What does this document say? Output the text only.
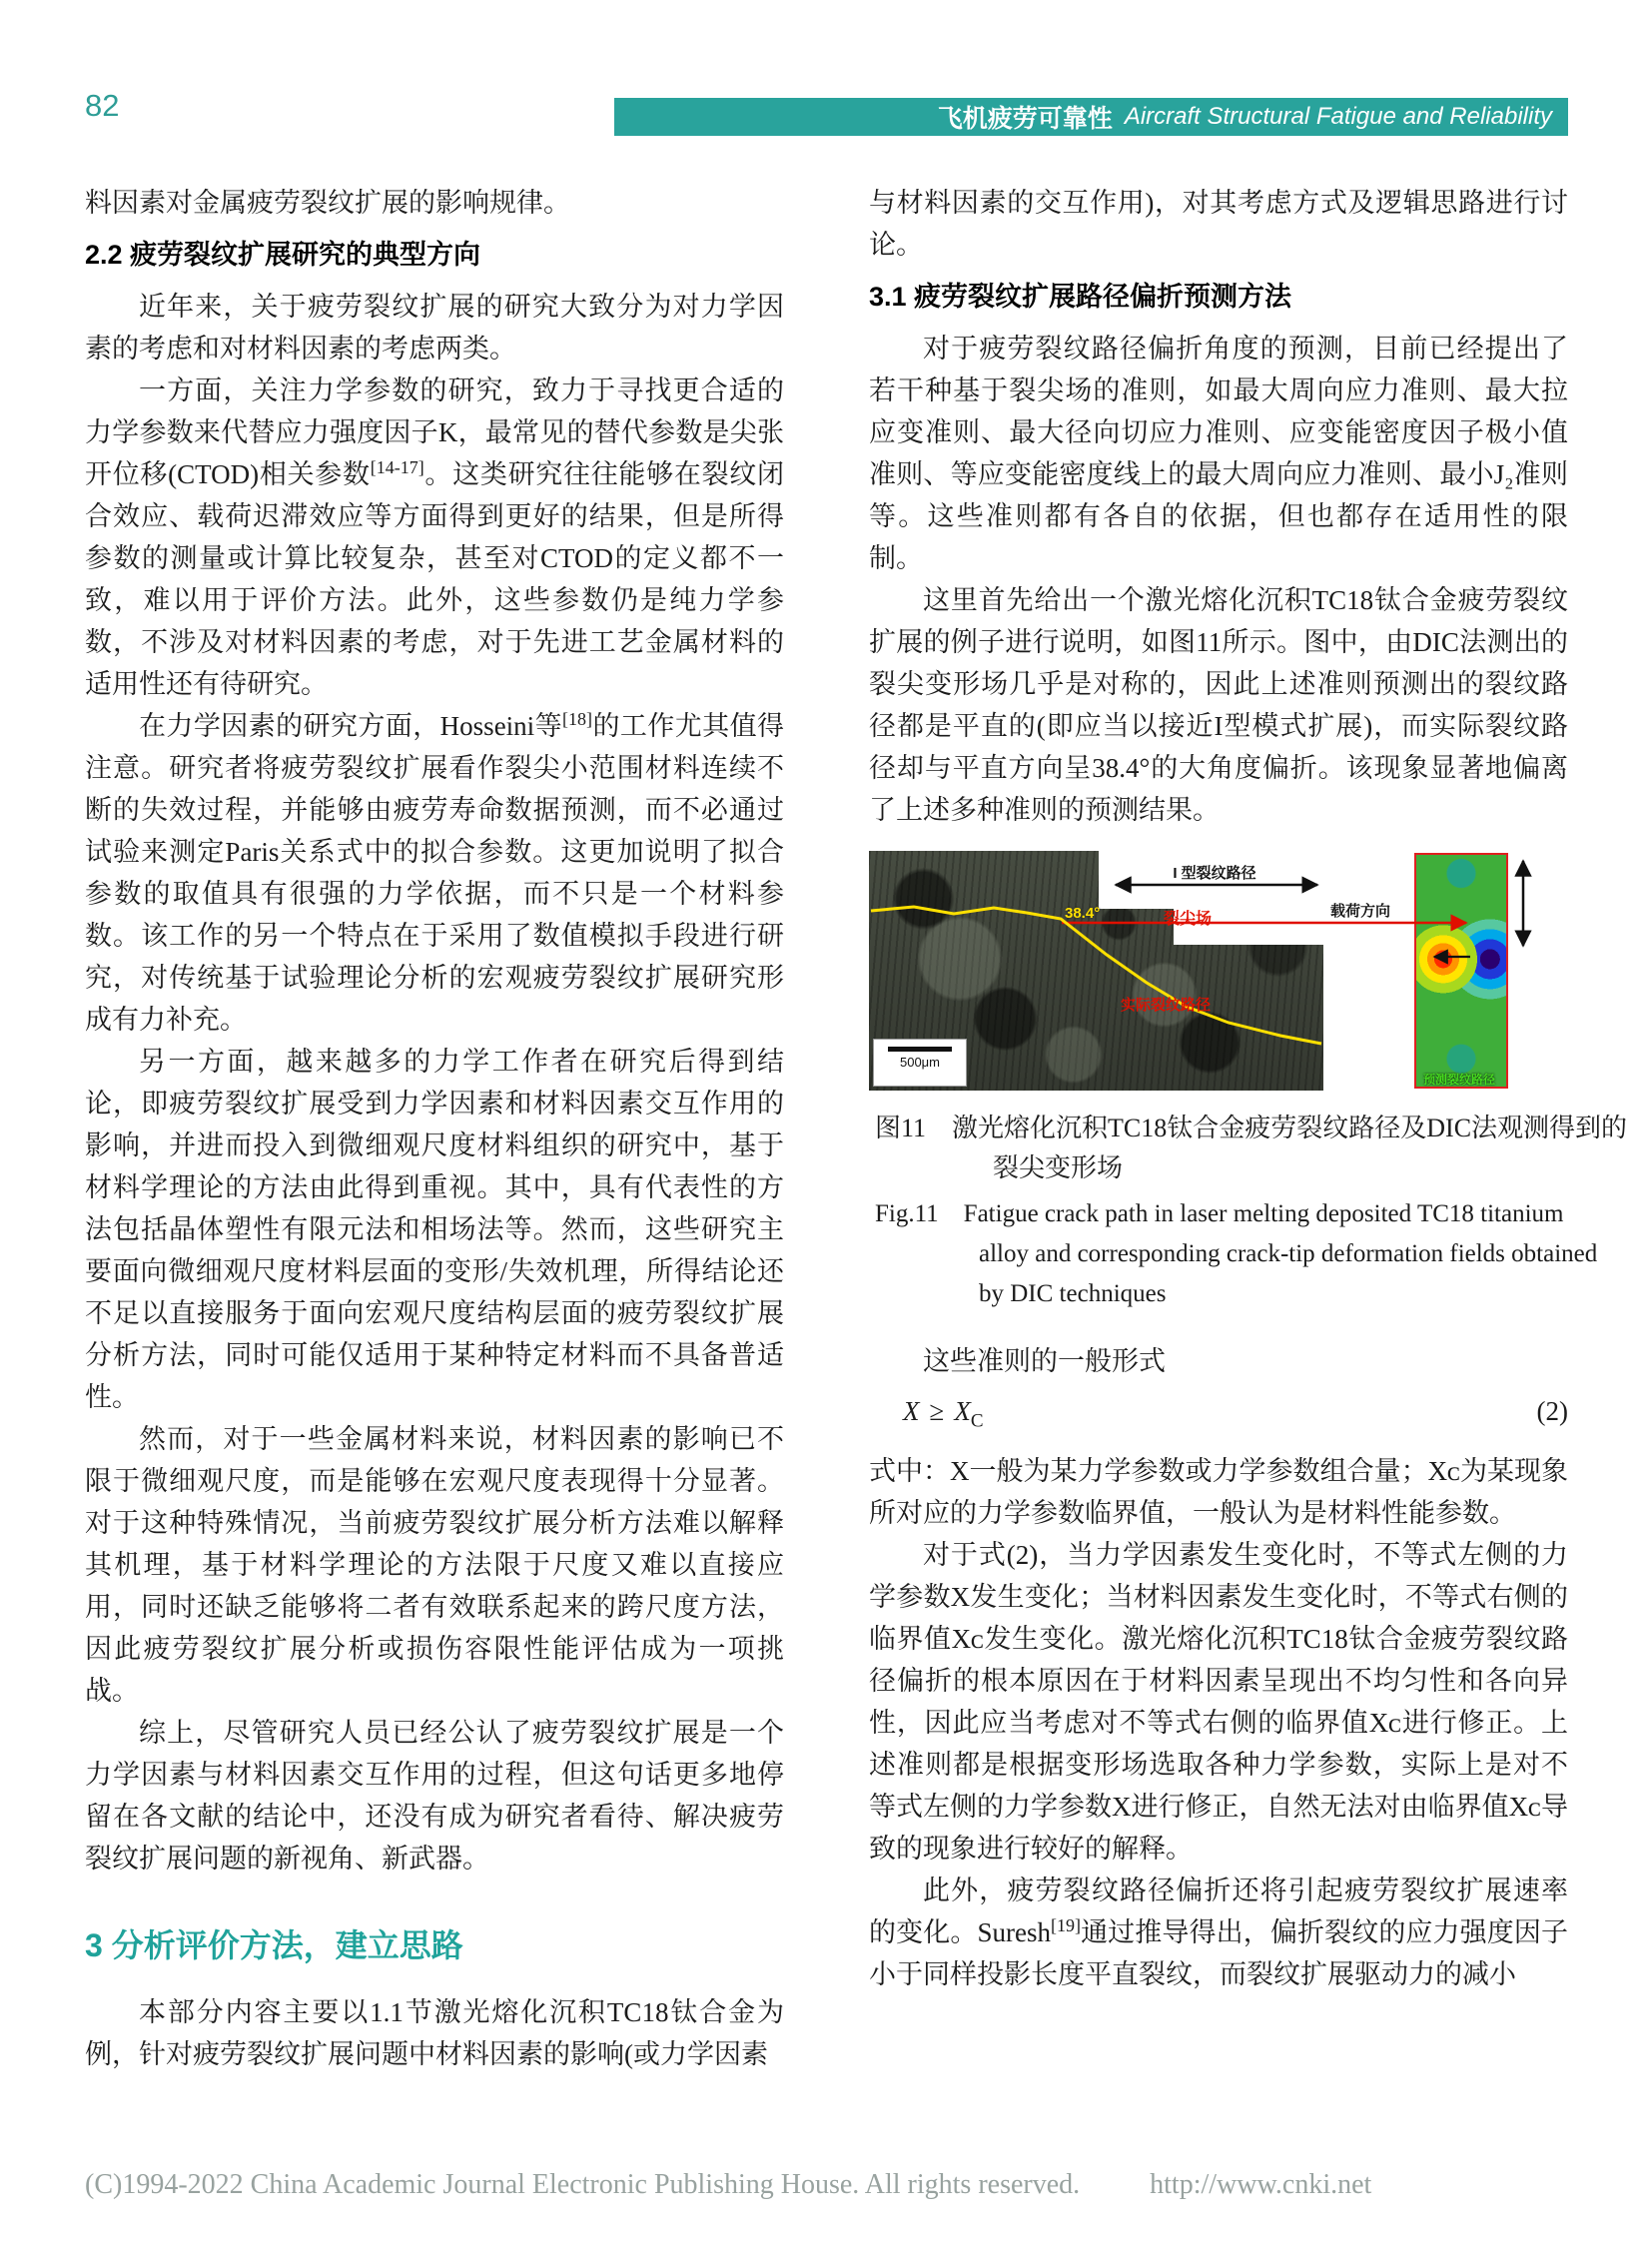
82	飞机疲劳可靠性 Aircraft Structural Fatigue and Reliability

料因素对金属疲劳裂纹扩展的影响规律。

2.2 疲劳裂纹扩展研究的典型方向

近年来，关于疲劳裂纹扩展的研究大致分为对力学因素的考虑和对材料因素的考虑两类。

一方面，关注力学参数的研究，致力于寻找更合适的力学参数来代替应力强度因子K，最常见的替代参数是尖张开位移(CTOD)相关参数[14-17]。这类研究往往能够在裂纹闭合效应、载荷迟滞效应等方面得到更好的结果，但是所得参数的测量或计算比较复杂，甚至对CTOD的定义都不一致，难以用于评价方法。此外，这些参数仍是纯力学参数，不涉及对材料因素的考虑，对于先进工艺金属材料的适用性还有待研究。

在力学因素的研究方面，Hosseini等[18]的工作尤其值得注意。研究者将疲劳裂纹扩展看作裂尖小范围材料连续不断的失效过程，并能够由疲劳寿命数据预测，而不必通过试验来测定Paris关系式中的拟合参数。这更加说明了拟合参数的取值具有很强的力学依据，而不只是一个材料参数。该工作的另一个特点在于采用了数值模拟手段进行研究，对传统基于试验理论分析的宏观疲劳裂纹扩展研究形成有力补充。

另一方面，越来越多的力学工作者在研究后得到结论，即疲劳裂纹扩展受到力学因素和材料因素交互作用的影响，并进而投入到微细观尺度材料组织的研究中，基于材料学理论的方法由此得到重视。其中，具有代表性的方法包括晶体塑性有限元法和相场法等。然而，这些研究主要面向微细观尺度材料层面的变形/失效机理，所得结论还不足以直接服务于面向宏观尺度结构层面的疲劳裂纹扩展分析方法，同时可能仅适用于某种特定材料而不具备普适性。

然而，对于一些金属材料来说，材料因素的影响已不限于微细观尺度，而是能够在宏观尺度表现得十分显著。对于这种特殊情况，当前疲劳裂纹扩展分析方法难以解释其机理，基于材料学理论的方法限于尺度又难以直接应用，同时还缺乏能够将二者有效联系起来的跨尺度方法，因此疲劳裂纹扩展分析或损伤容限性能评估成为一项挑战。

综上，尽管研究人员已经公认了疲劳裂纹扩展是一个力学因素与材料因素交互作用的过程，但这句话更多地停留在各文献的结论中，还没有成为研究者看待、解决疲劳裂纹扩展问题的新视角、新武器。

3 分析评价方法，建立思路

本部分内容主要以1.1节激光熔化沉积TC18钛合金为例，针对疲劳裂纹扩展问题中材料因素的影响(或力学因素

与材料因素的交互作用)，对其考虑方式及逻辑思路进行讨论。

3.1 疲劳裂纹扩展路径偏折预测方法

对于疲劳裂纹路径偏折角度的预测，目前已经提出了若干种基于裂尖场的准则，如最大周向应力准则、最大拉应变准则、最大径向切应力准则、应变能密度因子极小值准则、等应变能密度线上的最大周向应力准则、最小J₂准则等。这些准则都有各自的依据，但也都存在适用性的限制。

这里首先给出一个激光熔化沉积TC18钛合金疲劳裂纹扩展的例子进行说明，如图11所示。图中，由DIC法测出的裂尖变形场几乎是对称的，因此上述准则预测出的裂纹路径都是平直的(即应当以接近I型模式扩展)，而实际裂纹路径却与平直方向呈38.4°的大角度偏折。该现象显著地偏离了上述多种准则的预测结果。

I 型裂纹路径
载荷方向
38.4°	裂尖场
实际裂纹路径
预测裂纹路径
500μm
图11　激光熔化沉积TC18钛合金疲劳裂纹路径及DIC法观测得到的裂尖变形场
Fig.11　Fatigue crack path in laser melting deposited TC18 titanium alloy and corresponding crack-tip deformation fields obtained by DIC techniques

这些准则的一般形式

$X \ge X_C$	(2)

式中：X一般为某力学参数或力学参数组合量；Xᴄ为某现象所对应的力学参数临界值，一般认为是材料性能参数。

对于式(2)，当力学因素发生变化时，不等式左侧的力学参数X发生变化；当材料因素发生变化时，不等式右侧的临界值Xᴄ发生变化。激光熔化沉积TC18钛合金疲劳裂纹路径偏折的根本原因在于材料因素呈现出不均匀性和各向异性，因此应当考虑对不等式右侧的临界值Xᴄ进行修正。上述准则都是根据变形场选取各种力学参数，实际上是对不等式左侧的力学参数X进行修正，自然无法对由临界值Xᴄ导致的现象进行较好的解释。

此外，疲劳裂纹路径偏折还将引起疲劳裂纹扩展速率的变化。Suresh[19]通过推导得出，偏折裂纹的应力强度因子小于同样投影长度平直裂纹，而裂纹扩展驱动力的减小

(C)1994-2022 China Academic Journal Electronic Publishing House. All rights reserved.	http://www.cnki.net
